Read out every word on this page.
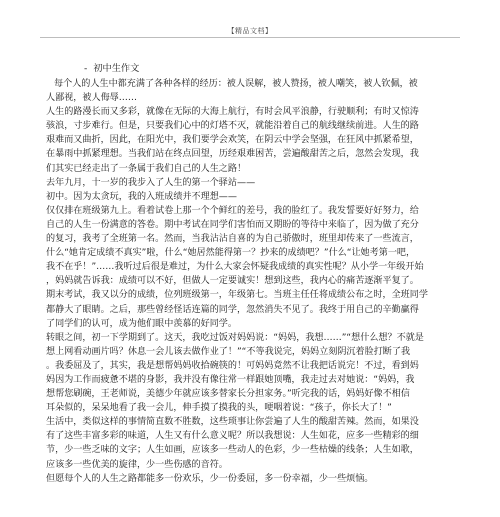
【精品文档】
- 初中生作文
每个人的人生中都充满了各种各样的经历：被人误解，被人赞扬，被人嘲笑，被人钦佩，被
人鄙视，被人侮辱……
人生的路漫长而又多彩，就像在无际的大海上航行，有时会风平浪静，行驶顺利；有时又惊涛
骇浪，寸步难行。但是，只要我们心中的灯塔不灭，就能沿着自己的航线继续前进。人生的路
艰难而又曲折，因此，在阳光中，我们要学会欢笑，在阴云中学会坚强，在狂风中抓紧希望，
在暴雨中抓紧理想。当我们站在终点回望，历经艰难困苦，尝遍酸甜苦之后，忽然会发现，我
们其实已经走出了一条属于我们自己的人生之路！
去年九月，十一岁的我步入了人生的第一个驿站——
初中。因为太贪玩，我的入班成绩并不理想——
仅仅排在班级第九上。看着试卷上那一个个鲜红的差号，我的脸红了。我发誓要好好努力，给
自己的人生一份满意的答卷。期中考试在同学们害怕而又期盼的等待中来临了，因为做了充分
的复习，我考了全班第一名。然而，当我沾沾自喜的为自己骄傲时，班里却传来了一些流言，
什么“她肯定成绩不真实”啦，什么“她居然能得第一？抄来的成绩吧？”什么“让她考第一吧，
我不在乎！”……我听过后很是难过，为什么大家会怀疑我成绩的真实性呢？从小学一年级开始
，妈妈就告诉我：成绩可以不好，但做人一定要诚实！想到这些，我内心的痛苦逐渐平复了。
期末考试，我又以分的成绩，位列班级第一，年级第七。当班主任任将成绩公布之时，全班同学
都静大了眼睛。之后，那些曾经怪话连篇的同学，忽然消失不见了。我终于用自己的辛勤赢得
了同学们的认可，成为他们眼中羡慕的好同学。
转眼之间，初一下学期到了。这天，我吃过饭对妈妈说：“妈妈，我想……”“想什么想？不就是
想上网看动画片吗？休息一会儿该去做作业了！”“不等我说完，妈妈立刻阴沉着脸打断了我
。我委屈及了，其实，我是想帮妈妈收拾碗筷的！可妈妈竟然不让我把话说完！不过，看到妈
妈因为工作而疲惫不堪的身影，我并没有像往常一样跟她顶嘴，我走过去对她说：“妈妈，我
想帮您刷碗，王老师说，美德少年就应该多替家长分担家务。”听完我的话，妈妈好像不相信
耳朵似的，呆呆地看了我一会儿，伸手摸了摸我的头，哽咽着说：“孩子，你长大了！”
生活中，类似这样的事情简直数不胜数，这些琐事让你尝遍了人生的酸甜苦辣。然而，如果没
有了这些丰富多彩的味道，人生又有什么意义呢？所以我想说：人生如花，应多一些精彩的细
节，少一些乏味的文字；人生如画，应该多一些动人的色彩，少一些枯燥的线条；人生如歌，
应该多一些优美的旋律，少一些伤感的音符。
但愿每个人的人生之路都能多一份欢乐，少一份委屈，多一份幸福，少一些烦恼。
